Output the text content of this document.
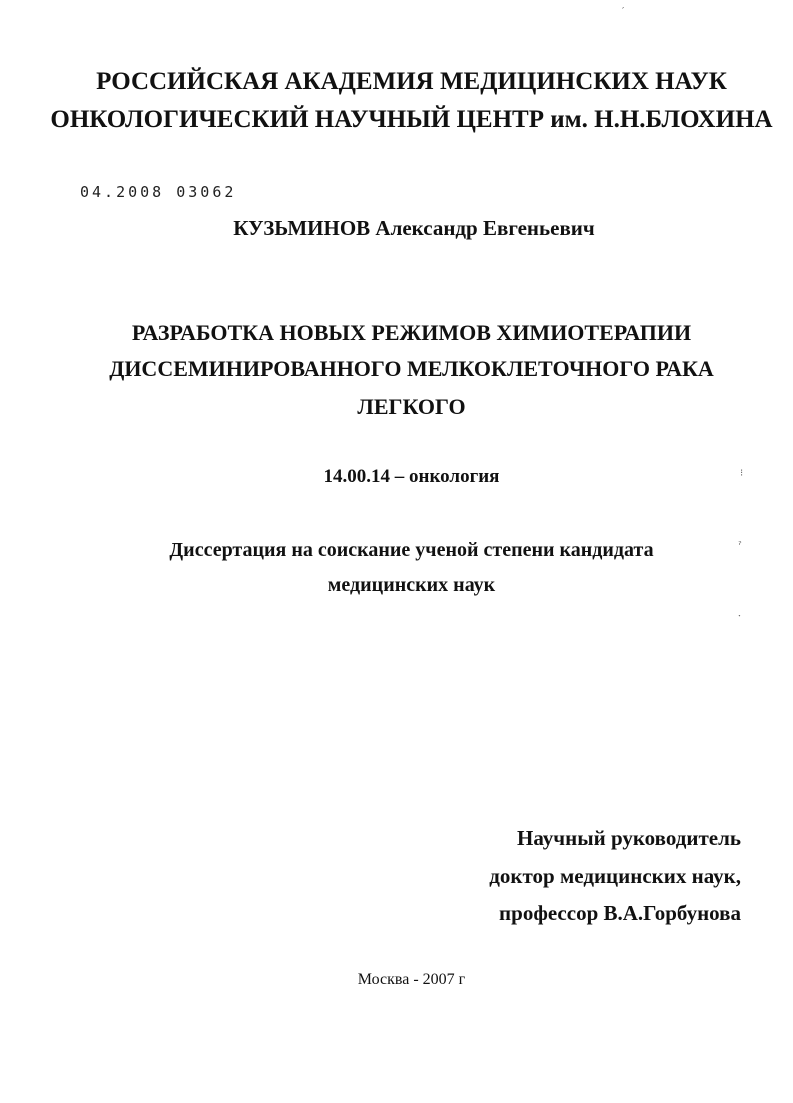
РОССИЙСКАЯ АКАДЕМИЯ МЕДИЦИНСКИХ НАУК
ОНКОЛОГИЧЕСКИЙ НАУЧНЫЙ ЦЕНТР им. Н.Н.БЛОХИНА
04.2008 03062
КУЗЬМИНОВ Александр Евгеньевич
РАЗРАБОТКА НОВЫХ РЕЖИМОВ ХИМИОТЕРАПИИ
ДИССЕМИНИРОВАННОГО МЕЛКОКЛЕТОЧНОГО РАКА
ЛЕГКОГО
14.00.14 – онкология
Диссертация на соискание ученой степени кандидата
медицинских наук
Научный руководитель
доктор медицинских наук,
профессор В.А.Горбунова
Москва - 2007 г
′
⁝
ˀ
ˑ
